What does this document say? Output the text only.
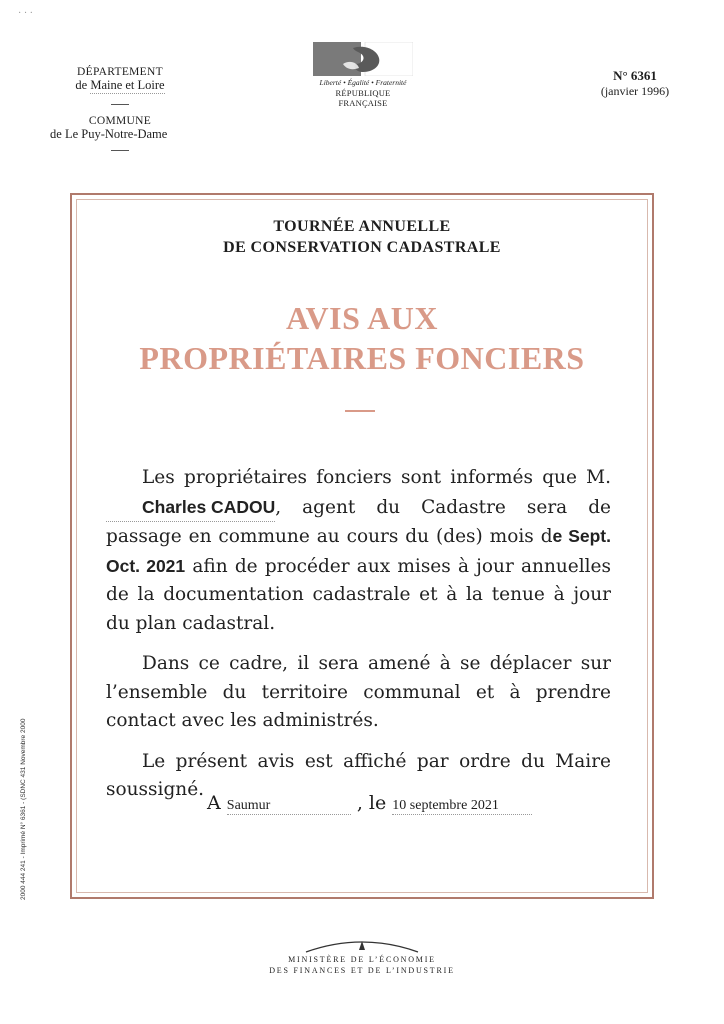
· · ·
DÉPARTEMENT
de Maine et Loire
COMMUNE
de Le Puy-Notre-Dame
Liberté • Égalité • Fraternité
RÉPUBLIQUE FRANÇAISE
N° 6361
(janvier 1996)
TOURNÉE ANNUELLE
DE CONSERVATION CADASTRALE
AVIS AUX
PROPRIÉTAIRES FONCIERS

Les propriétaires fonciers sont informés que M. Charles CADOU, agent du Cadastre sera de passage en commune au cours du (des) mois de Sept. Oct. 2021 afin de procéder aux mises à jour annuelles de la documentation cadastrale et à la tenue à jour du plan cadastral.

Dans ce cadre, il sera amené à se déplacer sur l’ensemble du territoire communal et à prendre contact avec les administrés.

Le présent avis est affiché par ordre du Maire soussigné.

A Saumur	, le 10 septembre 2021
2000 444 241 - Imprimé N° 6361 - (SDNC 431 Novembre 2000
MINISTÈRE DE L’ÉCONOMIE
DES FINANCES ET DE L’INDUSTRIE
